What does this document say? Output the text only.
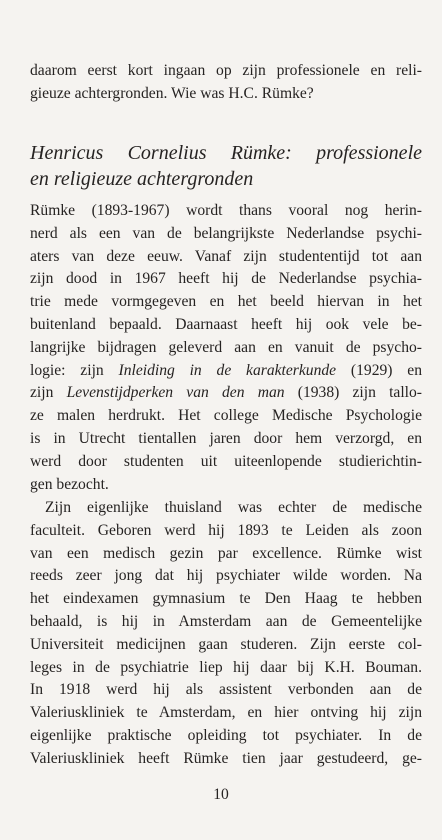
daarom eerst kort ingaan op zijn professionele en reli-
gieuze achtergronden. Wie was H.C. Rümke?
Henricus Cornelius Rümke: professionele
en religieuze achtergronden
Rümke (1893-1967) wordt thans vooral nog herin-
nerd als een van de belangrijkste Nederlandse psychi-
aters van deze eeuw. Vanaf zijn studententijd tot aan
zijn dood in 1967 heeft hij de Nederlandse psychia-
trie mede vormgegeven en het beeld hiervan in het
buitenland bepaald. Daarnaast heeft hij ook vele be-
langrijke bijdragen geleverd aan en vanuit de psycho-
logie: zijn Inleiding in de karakterkunde (1929) en
zijn Levenstijdperken van den man (1938) zijn tallo-
ze malen herdrukt. Het college Medische Psychologie
is in Utrecht tientallen jaren door hem verzorgd, en
werd door studenten uit uiteenlopende studierichtin-
gen bezocht.
Zijn eigenlijke thuisland was echter de medische
faculteit. Geboren werd hij 1893 te Leiden als zoon
van een medisch gezin par excellence. Rümke wist
reeds zeer jong dat hij psychiater wilde worden. Na
het eindexamen gymnasium te Den Haag te hebben
behaald, is hij in Amsterdam aan de Gemeentelijke
Universiteit medicijnen gaan studeren. Zijn eerste col-
leges in de psychiatrie liep hij daar bij K.H. Bouman.
In 1918 werd hij als assistent verbonden aan de
Valeriuskliniek te Amsterdam, en hier ontving hij zijn
eigenlijke praktische opleiding tot psychiater. In de
Valeriuskliniek heeft Rümke tien jaar gestudeerd, ge-
10
